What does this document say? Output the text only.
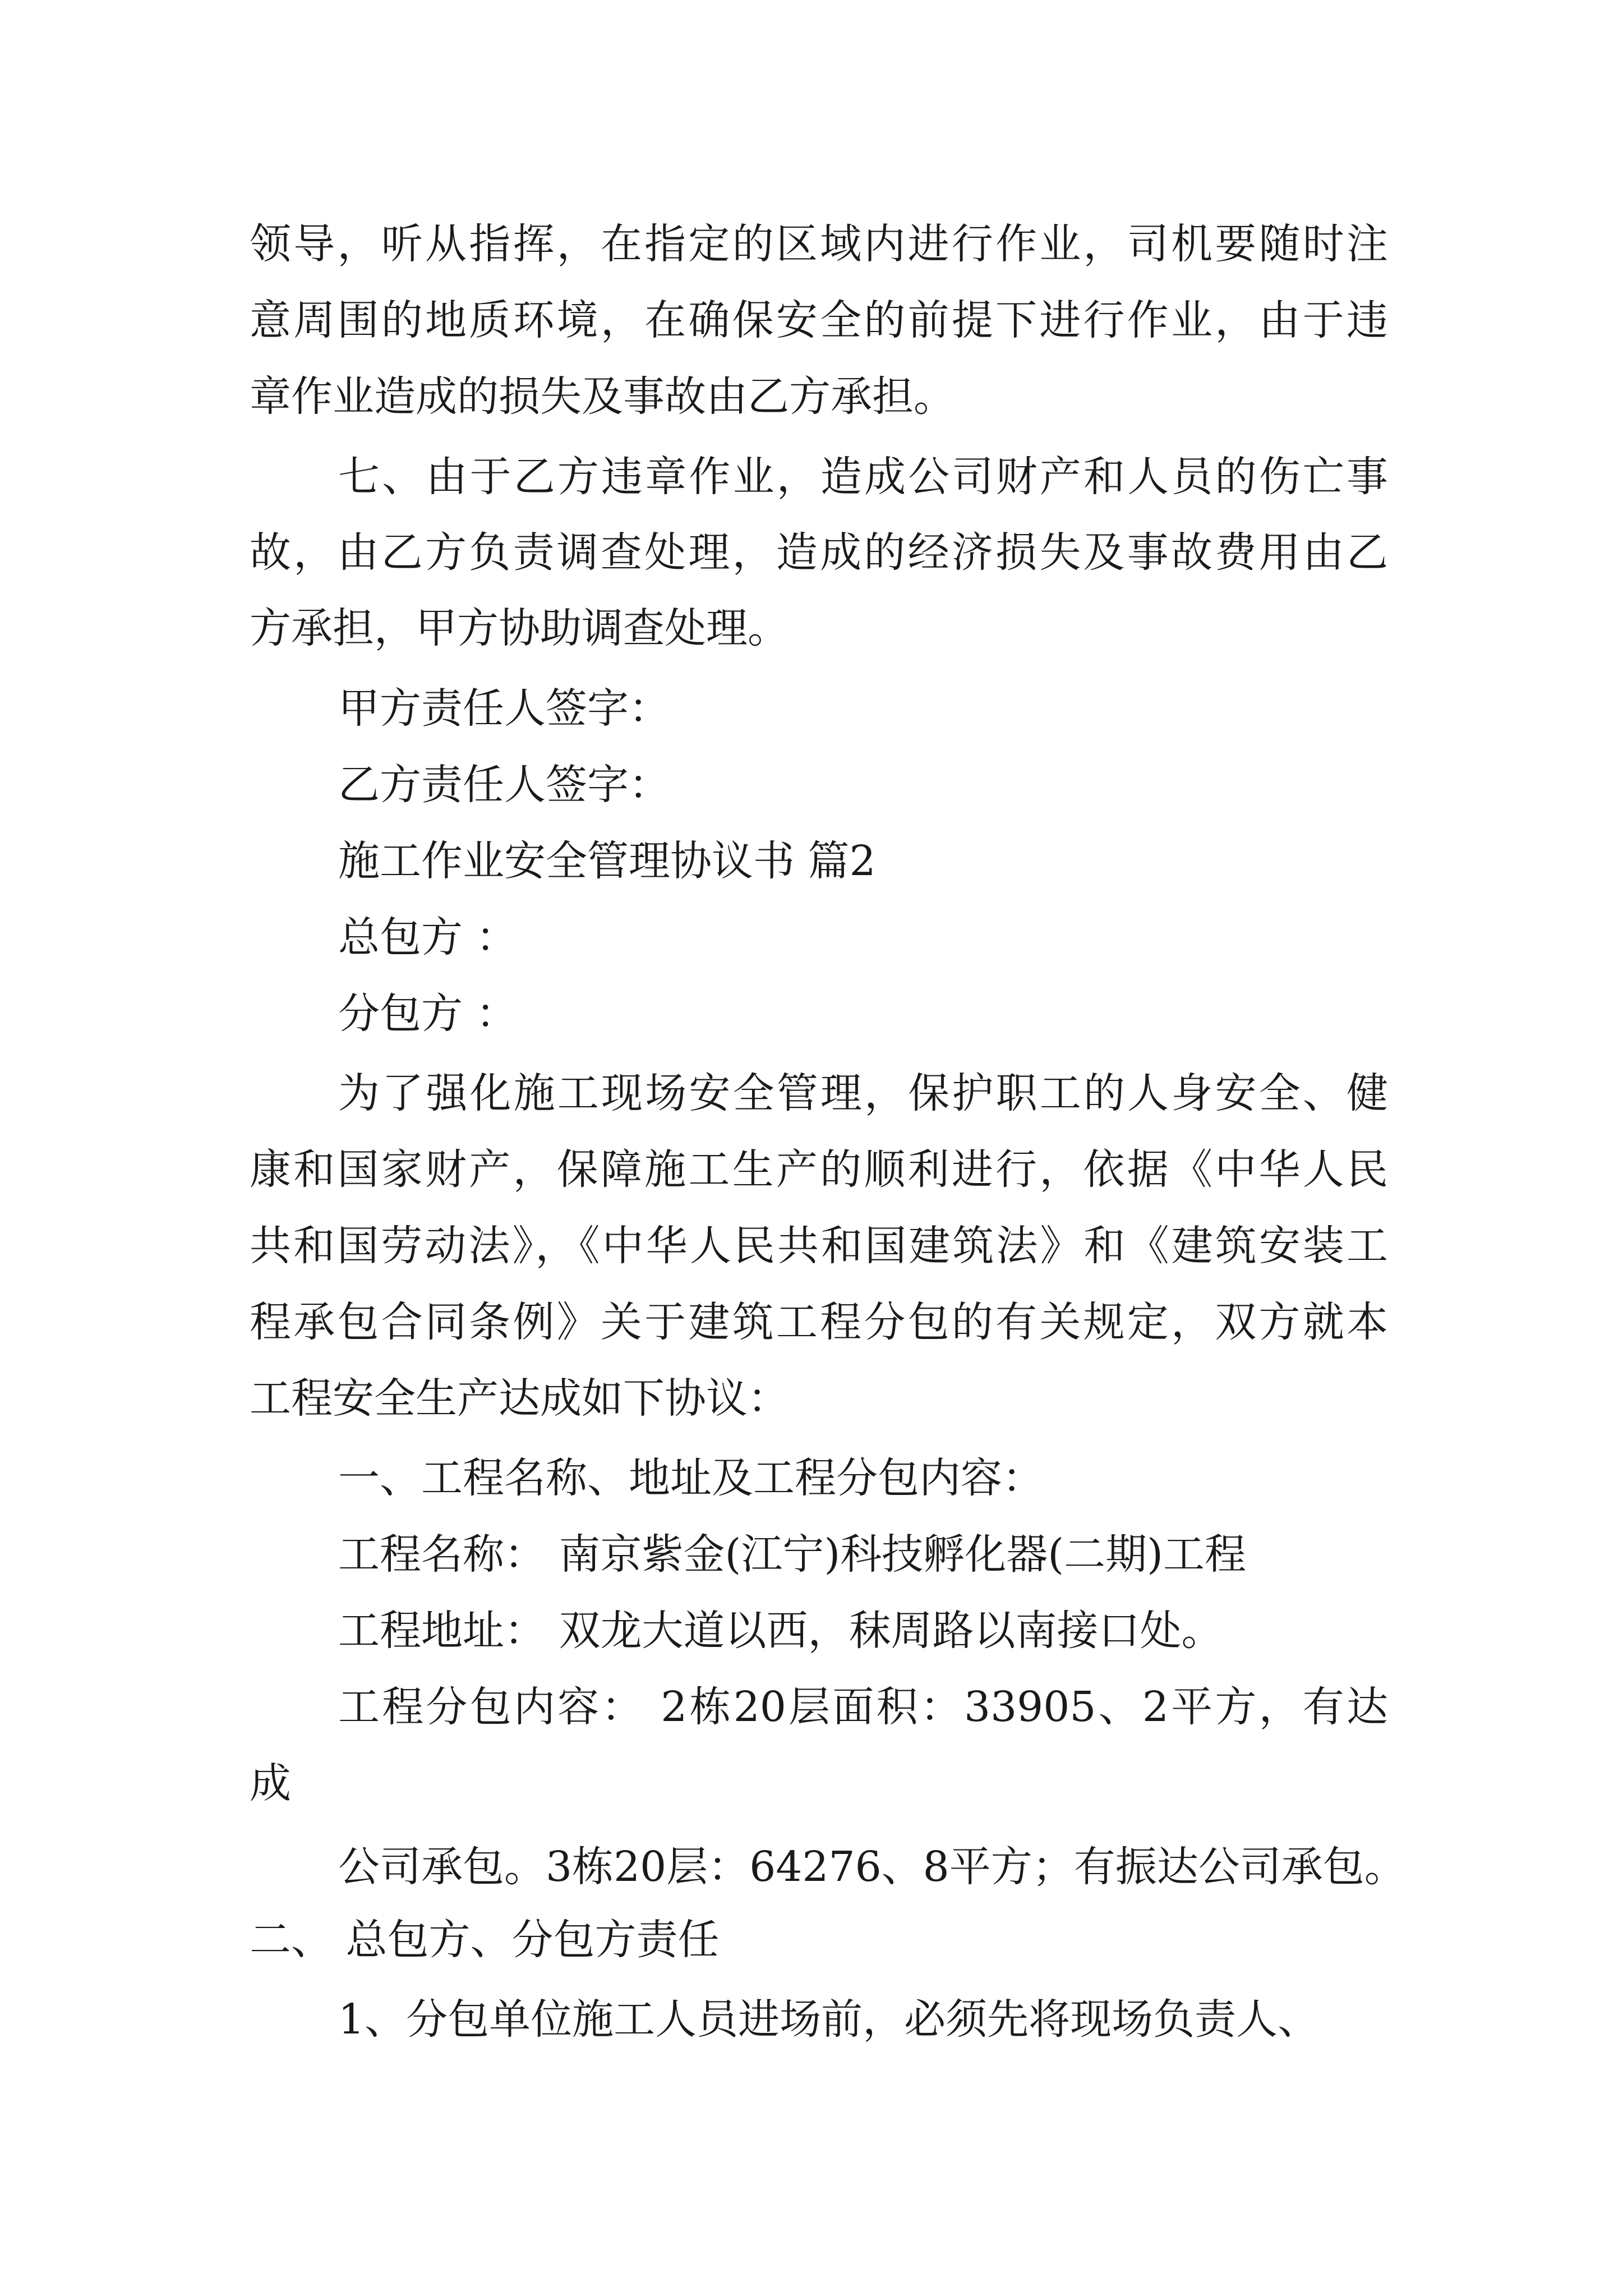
领导，听从指挥，在指定的区域内进行作业，司机要随时注

意周围的地质环境，在确保安全的前提下进行作业，由于违

章作业造成的损失及事故由乙方承担。

七、由于乙方违章作业，造成公司财产和人员的伤亡事

故，由乙方负责调查处理，造成的经济损失及事故费用由乙

方承担，甲方协助调查处理。

甲方责任人签字：

乙方责任人签字：

施工作业安全管理协议书 篇2

总包方 ：

分包方 ：

为了强化施工现场安全管理，保护职工的人身安全、健

康和国家财产，保障施工生产的顺利进行，依据《中华人民

共和国劳动法》，《中华人民共和国建筑法》和《建筑安装工

程承包合同条例》关于建筑工程分包的有关规定，双方就本

工程安全生产达成如下协议：

一、工程名称、地址及工程分包内容：

工程名称： 南京紫金(江宁)科技孵化器(二期)工程

工程地址： 双龙大道以西，秣周路以南接口处。

工程分包内容： 2栋20层面积：33905、2平方，有达

成

公司承包。3栋20层：64276、8平方；有振达公司承包。

二、 总包方、分包方责任

1、分包单位施工人员进场前，必须先将现场负责人、
